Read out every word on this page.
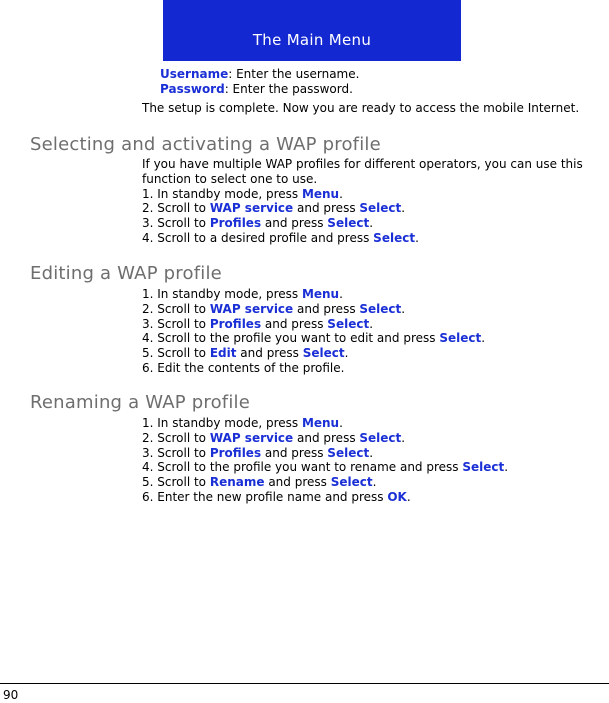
The Main Menu
Username: Enter the username.
Password: Enter the password.
The setup is complete. Now you are ready to access the mobile Internet.
Selecting and activating a WAP profile

If you have multiple WAP profiles for different operators, you can use this

function to select one to use.

1. In standby mode, press Menu.

2. Scroll to WAP service and press Select.

3. Scroll to Profiles and press Select.

4. Scroll to a desired profile and press Select.

Editing a WAP profile

1. In standby mode, press Menu.

2. Scroll to WAP service and press Select.

3. Scroll to Profiles and press Select.

4. Scroll to the profile you want to edit and press Select.

5. Scroll to Edit and press Select.

6. Edit the contents of the profile.

Renaming a WAP profile

1. In standby mode, press Menu.

2. Scroll to WAP service and press Select.

3. Scroll to Profiles and press Select.

4. Scroll to the profile you want to rename and press Select.

5. Scroll to Rename and press Select.

6. Enter the new profile name and press OK.

90
